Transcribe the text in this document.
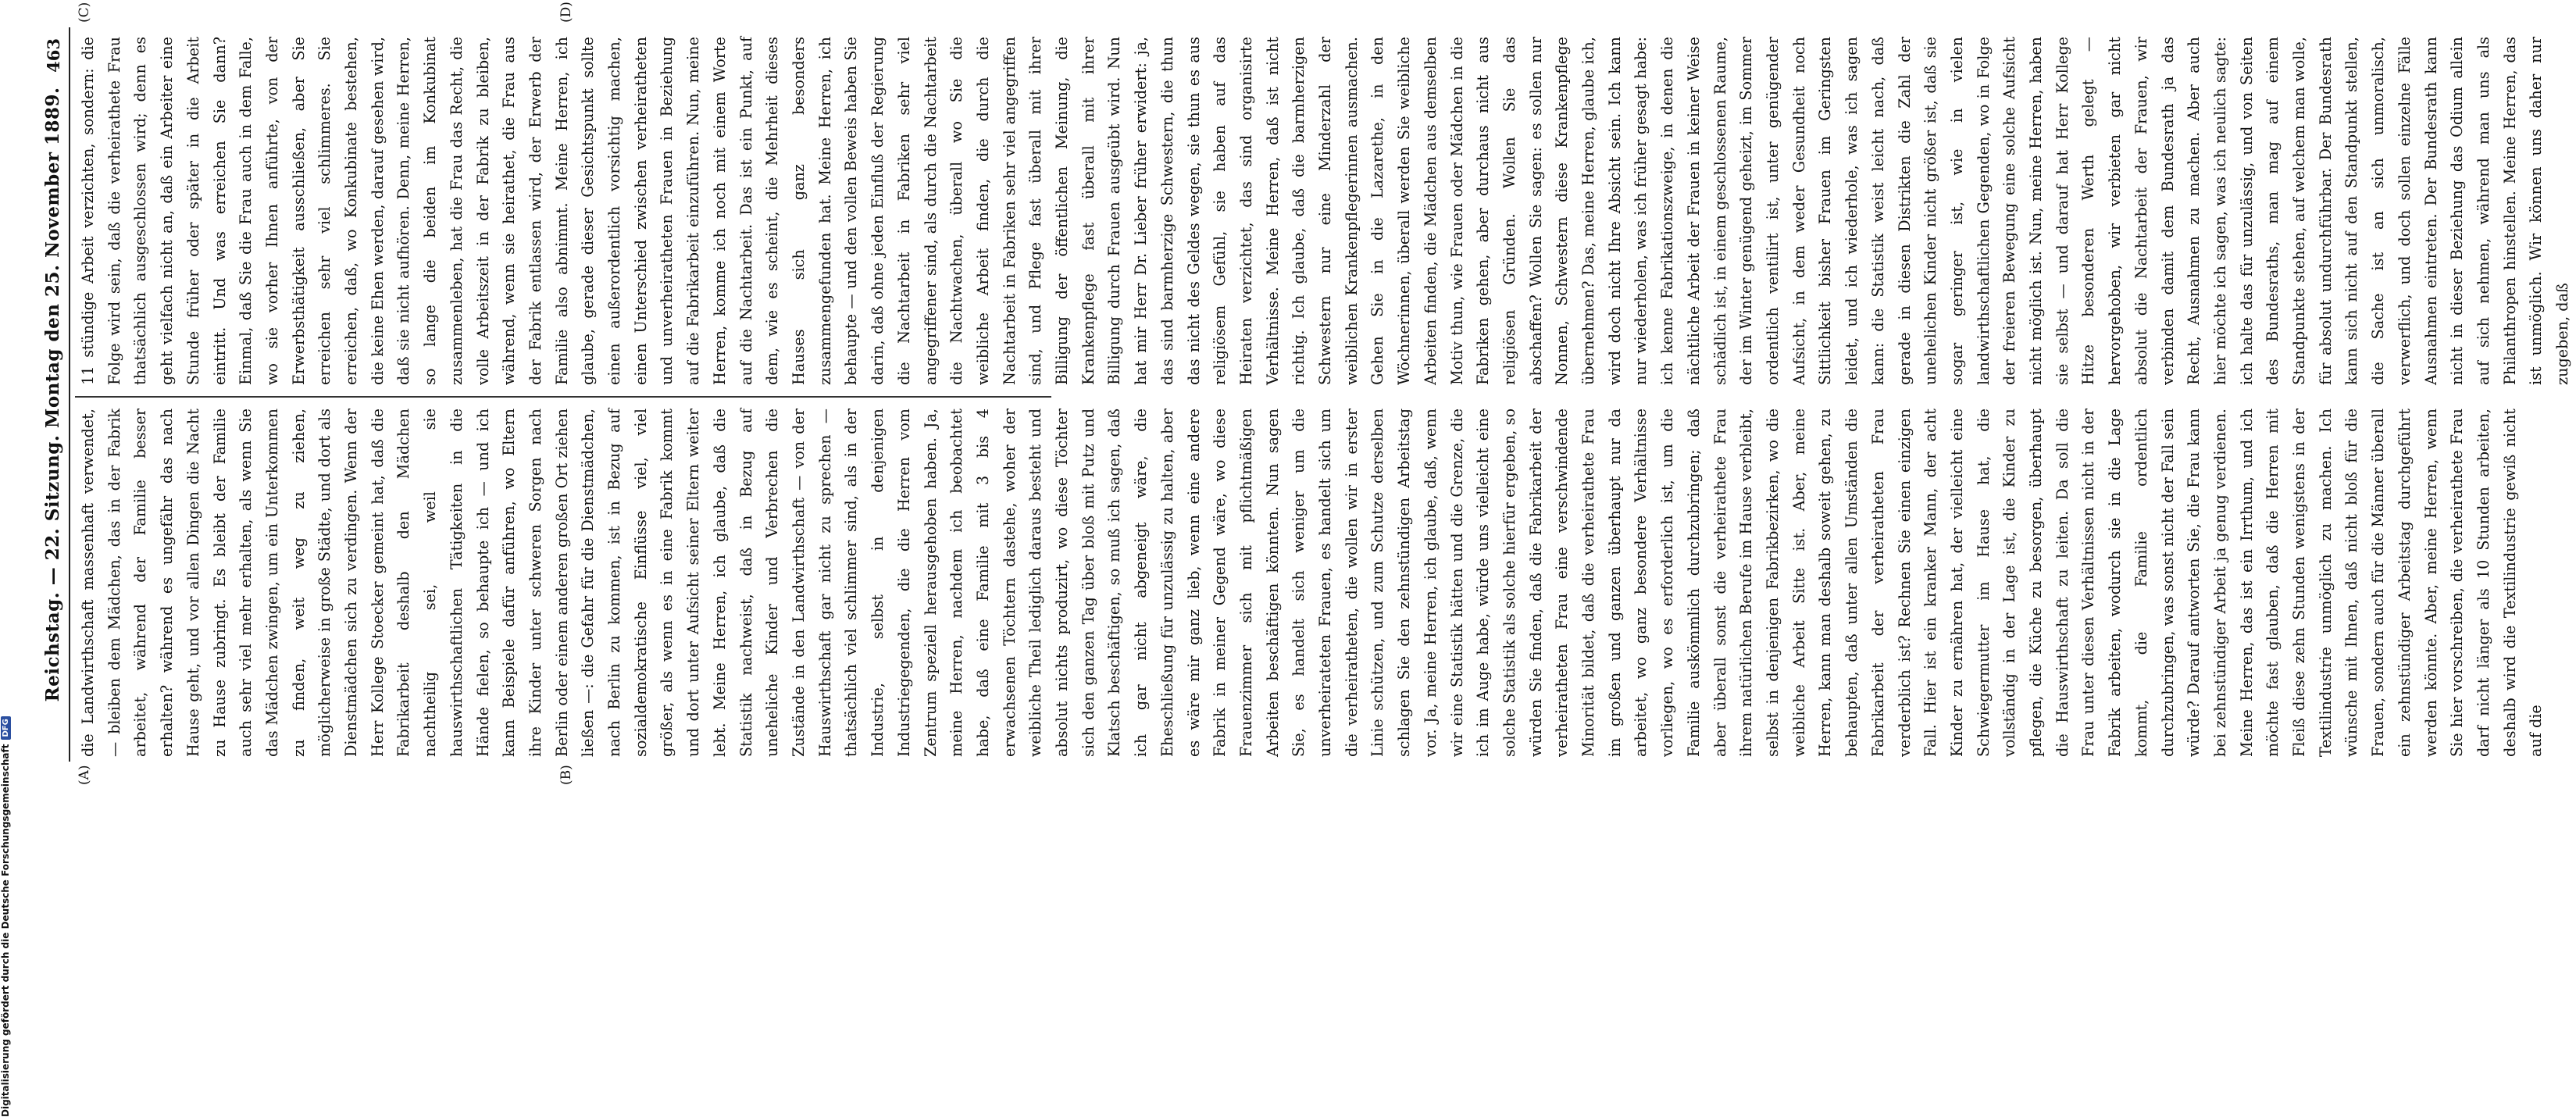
Reichstag. — 22. Sitzung. Montag den 25. November 1889.
463
(A)	(B)
(C)	(D)

die Landwirthschaft massenhaft verwendet, — bleiben dem Mädchen, das in der Fabrik arbeitet, während der Familie besser erhalten? während es ungefähr das nach Hause geht, und vor allen Dingen die Nacht zu Hause zubringt. Es bleibt der Familie auch sehr viel mehr erhalten, als wenn Sie das Mädchen zwingen, um ein Unterkommen zu finden, weit weg zu ziehen, möglicherweise in große Städte, und dort als Dienstmädchen sich zu verdingen. Wenn der Herr Kollege Stoecker gemeint hat, daß die Fabrikarbeit deshalb den Mädchen nachtheilig sei, weil sie hauswirthschaftlichen Tätigkeiten in die Hände fielen, so behaupte ich — und ich kann Beispiele dafür anführen, wo Eltern ihre Kinder unter schweren Sorgen nach Berlin oder einem anderen großen Ort ziehen ließen —: die Gefahr für die Dienstmädchen, nach Berlin zu kommen, ist in Bezug auf sozialdemokratische Einflüsse viel, viel größer, als wenn es in eine Fabrik kommt und dort unter Aufsicht seiner Eltern weiter lebt. Meine Herren, ich glaube, daß die Statistik nachweist, daß in Bezug auf uneheliche Kinder und Verbrechen die Zustände in den Landwirthschaft — von der Hauswirthschaft gar nicht zu sprechen — thatsächlich viel schlimmer sind, als in der Industrie, selbst in denjenigen Industriegegenden, die die Herren vom Zentrum speziell herausgehoben haben. Ja, meine Herren, nachdem ich beobachtet habe, daß eine Familie mit 3 bis 4 erwachsenen Töchtern dastehe, woher der weibliche Theil lediglich daraus besteht und absolut nichts produzirt, wo diese Töchter sich den ganzen Tag über bloß mit Putz und Klatsch beschäftigen, so muß ich sagen, daß ich gar nicht abgeneigt wäre, die Eheschließung für unzulässig zu halten, aber es wäre mir ganz lieb, wenn eine andere Fabrik in meiner Gegend wäre, wo diese Frauenzimmer sich mit pflichtmäßigen Arbeiten beschäftigen könnten. Nun sagen Sie, es handelt sich weniger um die unverheirateten Frauen, es handelt sich um die verheiratheten, die wollen wir in erster Linie schützen, und zum Schutze derselben schlagen Sie den zehnstündigen Arbeitstag vor. Ja, meine Herren, ich glaube, daß, wenn wir eine Statistik hätten und die Grenze, die ich im Auge habe, würde uns vielleicht eine solche Statistik als solche hierfür ergeben, so würden Sie finden, daß die Fabrikarbeit der verheiratheten Frau eine verschwindende Minorität bildet, daß die verheirathete Frau im großen und ganzen überhaupt nur da arbeitet, wo ganz besondere Verhältnisse vorliegen, wo es erforderlich ist, um die Familie auskömmlich durchzubringen; daß aber überall sonst die verheirathete Frau ihrem natürlichen Berufe im Hause verbleibt, selbst in denjenigen Fabrikbezirken, wo die weibliche Arbeit Sitte ist. Aber, meine Herren, kann man deshalb soweit gehen, zu behaupten, daß unter allen Umständen die Fabrikarbeit der verheiratheten Frau verderblich ist? Rechnen Sie einen einzigen Fall. Hier ist ein kranker Mann, der acht Kinder zu ernähren hat, der vielleicht eine Schwiegermutter im Hause hat, die vollständig in der Lage ist, die Kinder zu pflegen, die Küche zu besorgen, überhaupt die Hauswirthschaft zu leiten. Da soll die Frau unter diesen Verhältnissen nicht in der Fabrik arbeiten, wodurch sie in die Lage kommt, die Familie ordentlich durchzubringen, was sonst nicht der Fall sein würde? Darauf antworten Sie, die Frau kann bei zehnstündiger Arbeit ja genug verdienen. Meine Herren, das ist ein Irrthum, und ich möchte fast glauben, daß die Herren mit Fleiß diese zehn Stunden wenigstens in der Textilindustrie unmöglich zu machen. Ich wünsche mit Ihnen, daß nicht bloß für die Frauen, sondern auch für die Männer überall ein zehnstündiger Arbeitstag durchgeführt werden könnte. Aber, meine Herren, wenn Sie hier vorschreiben, die verheirathete Frau darf nicht länger als 10 Stunden arbeiten, deshalb wird die Textilindustrie gewiß nicht auf die

11 stündige Arbeit verzichten, sondern: die Folge wird sein, daß die verheirathete Frau thatsächlich ausgeschlossen wird; denn es geht vielfach nicht an, daß ein Arbeiter eine Stunde früher oder später in die Arbeit eintritt. Und was erreichen Sie dann? Einmal, daß Sie die Frau auch in dem Falle, wo sie vorher Ihnen anführte, von der Erwerbsthätigkeit ausschließen, aber Sie erreichen sehr viel schlimmeres. Sie erreichen, daß, wo Konkubinate bestehen, die keine Ehen werden, darauf gesehen wird, daß sie nicht aufhören. Denn, meine Herren, so lange die beiden im Konkubinat zusammenleben, hat die Frau das Recht, die volle Arbeitszeit in der Fabrik zu bleiben, während, wenn sie heirathet, die Frau aus der Fabrik entlassen wird, der Erwerb der Familie also abnimmt. Meine Herren, ich glaube, gerade dieser Gesichtspunkt sollte einen außerordentlich vorsichtig machen, einen Unterschied zwischen verheiratheten und unverheiratheten Frauen in Beziehung auf die Fabrikarbeit einzuführen. Nun, meine Herren, komme ich noch mit einem Worte auf die Nachtarbeit. Das ist ein Punkt, auf dem, wie es scheint, die Mehrheit dieses Hauses sich ganz besonders zusammengefunden hat. Meine Herren, ich behaupte — und den vollen Beweis haben Sie darin, daß ohne jeden Einfluß der Regierung die Nachtarbeit in Fabriken sehr viel angegriffener sind, als durch die Nachtarbeit die Nachtwachen, überall wo Sie die weibliche Arbeit finden, die durch die Nachtarbeit in Fabriken sehr viel angegriffen sind, und Pflege fast überall mit ihrer Billigung der öffentlichen Meinung, die Krankenpflege fast überall mit ihrer Billigung durch Frauen ausgeübt wird. Nun hat mir Herr Dr. Lieber früher erwidert: ja, das sind barmherzige Schwestern, die thun das nicht des Geldes wegen, sie thun es aus religiösem Gefühl, sie haben auf das Heiraten verzichtet, das sind organisirte Verhältnisse. Meine Herren, daß ist nicht richtig. Ich glaube, daß die barmherzigen Schwestern nur eine Minderzahl der weiblichen Krankenpflegerinnen ausmachen. Gehen Sie in die Lazarethe, in den Wöchnerinnen, überall werden Sie weibliche Arbeiten finden, die Mädchen aus demselben Motiv thun, wie Frauen oder Mädchen in die Fabriken gehen, aber durchaus nicht aus religiösen Gründen. Wollen Sie das abschaffen? Wollen Sie sagen: es sollen nur Nonnen, Schwestern diese Krankenpflege übernehmen? Das, meine Herren, glaube ich, wird doch nicht Ihre Absicht sein. Ich kann nur wiederholen, was ich früher gesagt habe: ich kenne Fabrikationszweige, in denen die nächtliche Arbeit der Frauen in keiner Weise schädlich ist, in einem geschlossenen Raume, der im Winter genügend geheizt, im Sommer ordentlich ventilirt ist, unter genügender Aufsicht, in dem weder Gesundheit noch Sittlichkeit bisher Frauen im Geringsten leidet, und ich wiederhole, was ich sagen kann: die Statistik weist leicht nach, daß gerade in diesen Distrikten die Zahl der unehelichen Kinder nicht größer ist, daß sie sogar geringer ist, wie in vielen landwirthschaftlichen Gegenden, wo in Folge der freieren Bewegung eine solche Aufsicht nicht möglich ist. Nun, meine Herren, haben sie selbst — und darauf hat Herr Kollege Hitze besonderen Werth gelegt — hervorgehoben, wir verbieten gar nicht absolut die Nachtarbeit der Frauen, wir verbinden damit dem Bundesrath ja das Recht, Ausnahmen zu machen. Aber auch hier möchte ich sagen, was ich neulich sagte: ich halte das für unzulässig, und von Seiten des Bundesraths, man mag auf einem Standpunkte stehen, auf welchem man wolle, für absolut undurchführbar. Der Bundesrath kann sich nicht auf den Standpunkt stellen, die Sache ist an sich unmoralisch, verwerflich, und doch sollen einzelne Fälle Ausnahmen eintreten. Der Bundesrath kann nicht in dieser Beziehung das Odium allein auf sich nehmen, während man uns als Philanthropen hinstellen. Meine Herren, das ist unmöglich. Wir können uns daher nur zugeben, daß

Digitalisierung gefördert durch die Deutsche Forschungsgemeinschaft
DFG
